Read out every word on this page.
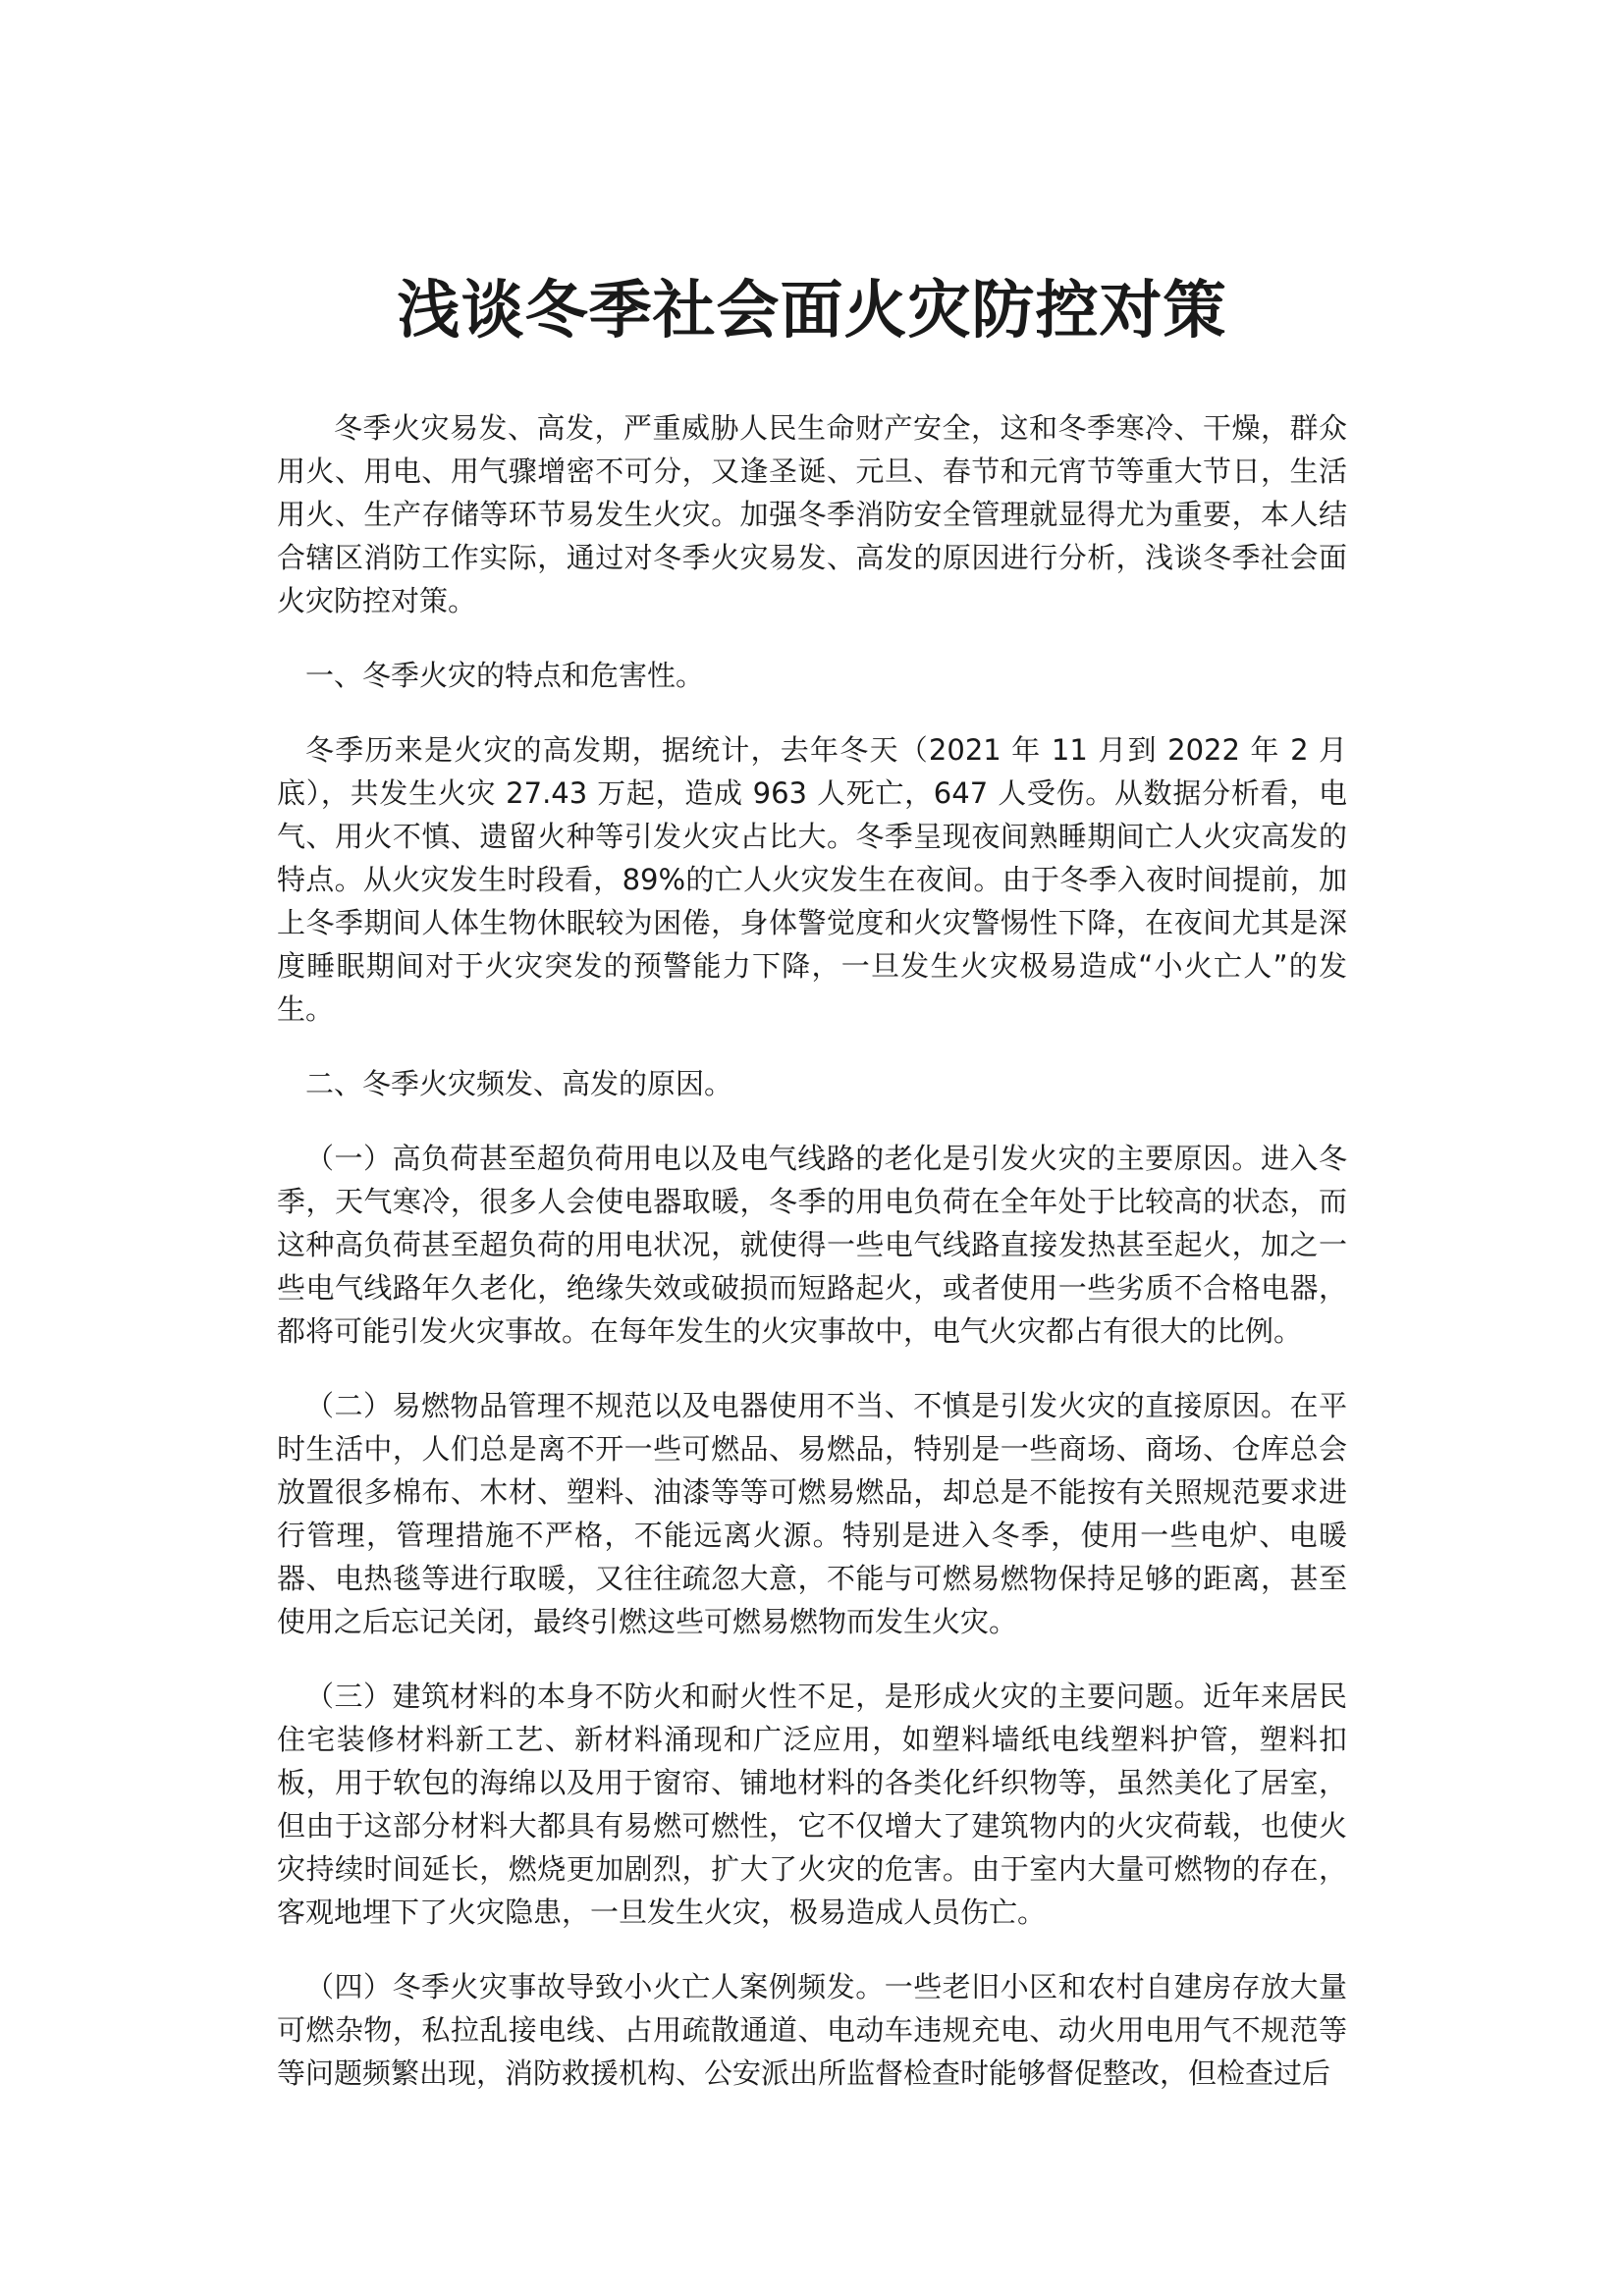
浅谈冬季社会面火灾防控对策

冬季火灾易发、高发，严重威胁人民生命财产安全，这和冬季寒冷、干燥，群众用火、用电、用气骤增密不可分，又逢圣诞、元旦、春节和元宵节等重大节日，生活用火、生产存储等环节易发生火灾。加强冬季消防安全管理就显得尤为重要，本人结合辖区消防工作实际，通过对冬季火灾易发、高发的原因进行分析，浅谈冬季社会面火灾防控对策。

一、冬季火灾的特点和危害性。

冬季历来是火灾的高发期，据统计，去年冬天（2021 年 11 月到 2022 年 2 月底），共发生火灾 27.43 万起，造成 963 人死亡，647 人受伤。从数据分析看，电气、用火不慎、遗留火种等引发火灾占比大。冬季呈现夜间熟睡期间亡人火灾高发的特点。从火灾发生时段看，89%的亡人火灾发生在夜间。由于冬季入夜时间提前，加上冬季期间人体生物休眠较为困倦，身体警觉度和火灾警惕性下降，在夜间尤其是深度睡眠期间对于火灾突发的预警能力下降，一旦发生火灾极易造成“小火亡人”的发生。

二、冬季火灾频发、高发的原因。

（一）高负荷甚至超负荷用电以及电气线路的老化是引发火灾的主要原因。进入冬季，天气寒冷，很多人会使电器取暖，冬季的用电负荷在全年处于比较高的状态，而这种高负荷甚至超负荷的用电状况，就使得一些电气线路直接发热甚至起火，加之一些电气线路年久老化，绝缘失效或破损而短路起火，或者使用一些劣质不合格电器，都将可能引发火灾事故。在每年发生的火灾事故中，电气火灾都占有很大的比例。

（二）易燃物品管理不规范以及电器使用不当、不慎是引发火灾的直接原因。在平时生活中，人们总是离不开一些可燃品、易燃品，特别是一些商场、商场、仓库总会放置很多棉布、木材、塑料、油漆等等可燃易燃品，却总是不能按有关照规范要求进行管理，管理措施不严格，不能远离火源。特别是进入冬季，使用一些电炉、电暖器、电热毯等进行取暖，又往往疏忽大意，不能与可燃易燃物保持足够的距离，甚至使用之后忘记关闭，最终引燃这些可燃易燃物而发生火灾。

（三）建筑材料的本身不防火和耐火性不足，是形成火灾的主要问题。近年来居民住宅装修材料新工艺、新材料涌现和广泛应用，如塑料墙纸电线塑料护管，塑料扣板，用于软包的海绵以及用于窗帘、铺地材料的各类化纤织物等，虽然美化了居室，但由于这部分材料大都具有易燃可燃性，它不仅增大了建筑物内的火灾荷载，也使火灾持续时间延长，燃烧更加剧烈，扩大了火灾的危害。由于室内大量可燃物的存在，客观地埋下了火灾隐患，一旦发生火灾，极易造成人员伤亡。

（四）冬季火灾事故导致小火亡人案例频发。一些老旧小区和农村自建房存放大量可燃杂物，私拉乱接电线、占用疏散通道、电动车违规充电、动火用电用气不规范等等问题频繁出现，消防救援机构、公安派出所监督检查时能够督促整改，但检查过后
